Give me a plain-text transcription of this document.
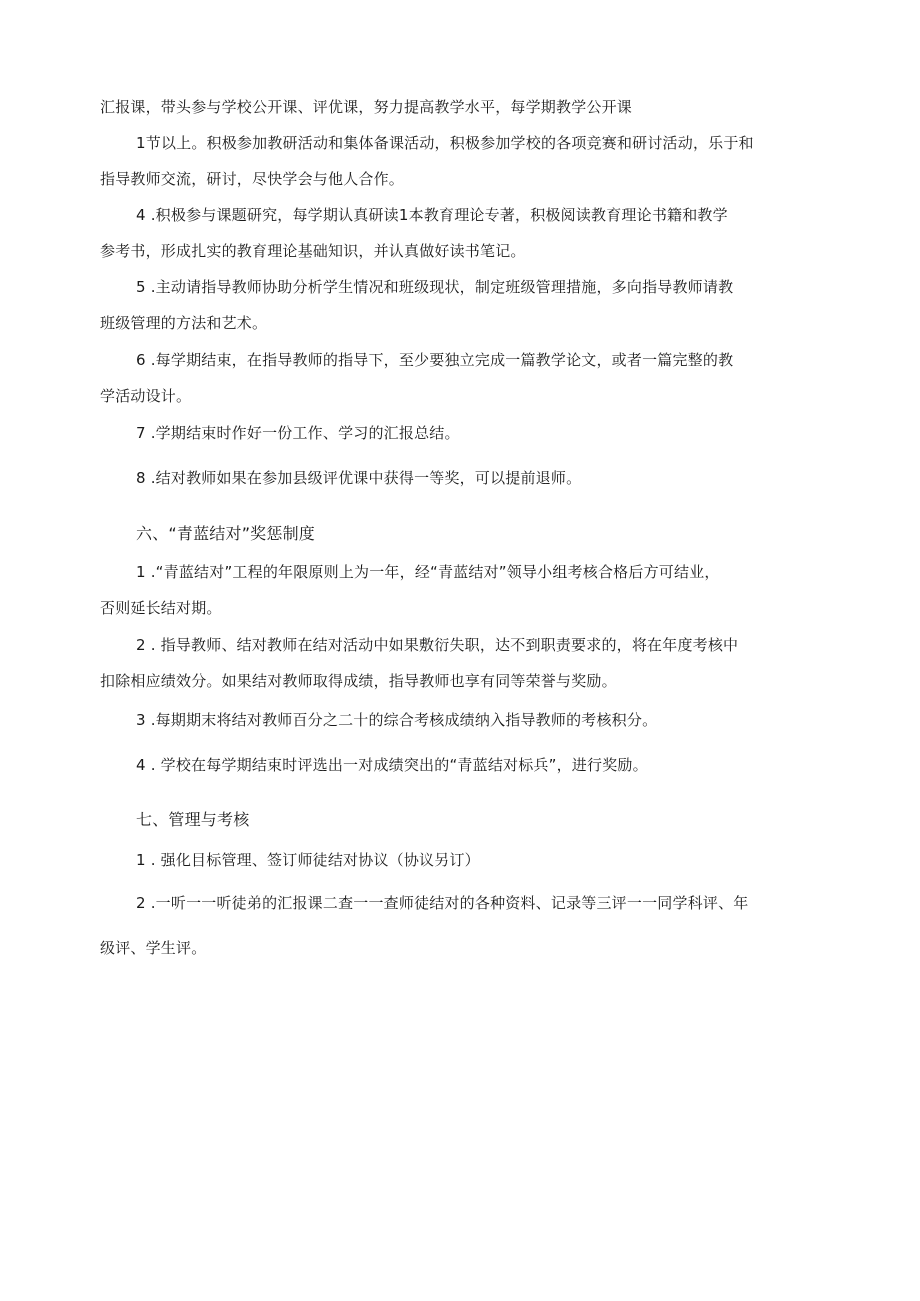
汇报课，带头参与学校公开课、评优课，努力提高教学水平，每学期教学公开课
1节以上。积极参加教研活动和集体备课活动，积极参加学校的各项竞赛和研讨活动，乐于和
指导教师交流，研讨，尽快学会与他人合作。
4 .积极参与课题研究，每学期认真研读1本教育理论专著，积极阅读教育理论书籍和教学
参考书，形成扎实的教育理论基础知识，并认真做好读书笔记。
5 .主动请指导教师协助分析学生情况和班级现状，制定班级管理措施，多向指导教师请教
班级管理的方法和艺术。
6 .每学期结束，在指导教师的指导下，至少要独立完成一篇教学论文，或者一篇完整的教
学活动设计。
7 .学期结束时作好一份工作、学习的汇报总结。
8 .结对教师如果在参加县级评优课中获得一等奖，可以提前退师。
六、“青蓝结对”奖惩制度
1 .“青蓝结对”工程的年限原则上为一年，经“青蓝结对”领导小组考核合格后方可结业，
否则延长结对期。
2 . 指导教师、结对教师在结对活动中如果敷衍失职，达不到职责要求的，将在年度考核中
扣除相应绩效分。如果结对教师取得成绩，指导教师也享有同等荣誉与奖励。
3 .每期期末将结对教师百分之二十的综合考核成绩纳入指导教师的考核积分。
4 . 学校在每学期结束时评选出一对成绩突出的“青蓝结对标兵”，进行奖励。
七、管理与考核
1 . 强化目标管理、签订师徒结对协议（协议另订）
2 .一听一一听徒弟的汇报课二查一一查师徒结对的各种资料、记录等三评一一同学科评、年
级评、学生评。
